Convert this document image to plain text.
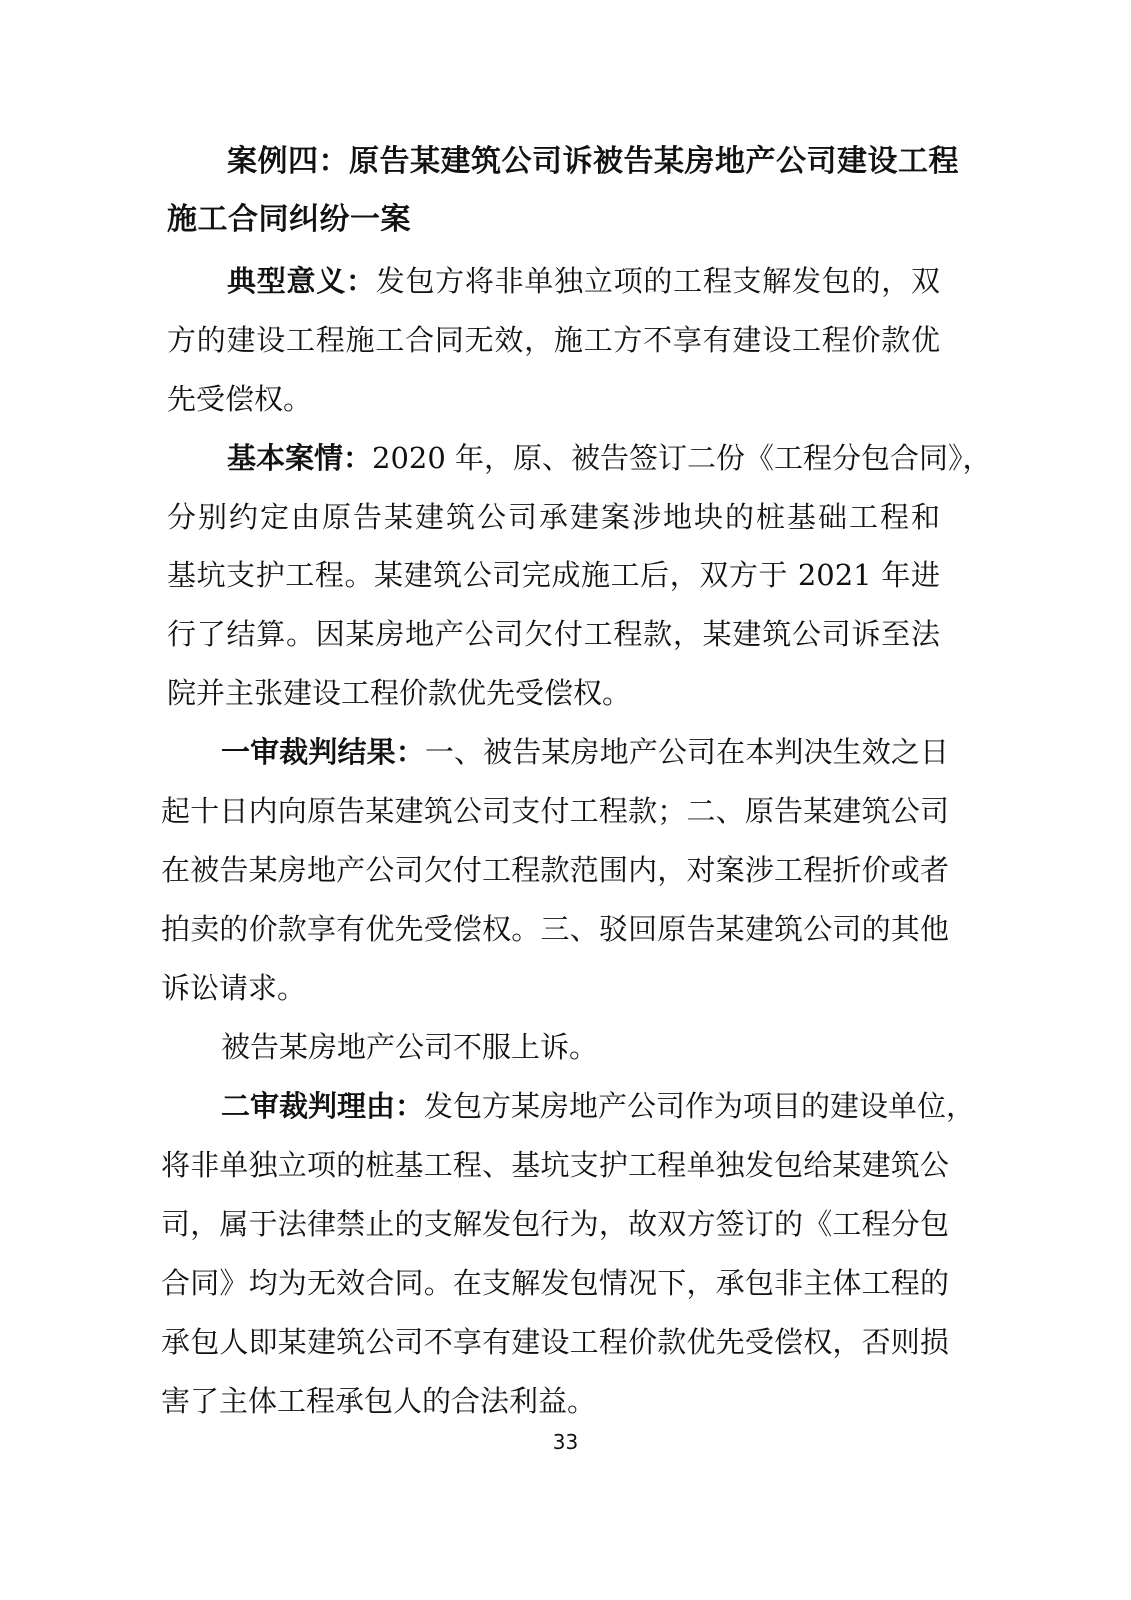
案例四：原告某建筑公司诉被告某房地产公司建设工程
施工合同纠纷一案
典型意义：发包方将非单独立项的工程支解发包的，双
方的建设工程施工合同无效，施工方不享有建设工程价款优
先受偿权。
基本案情：2020 年，原、被告签订二份《工程分包合同》，
分别约定由原告某建筑公司承建案涉地块的桩基础工程和
基坑支护工程。某建筑公司完成施工后，双方于 2021 年进
行了结算。因某房地产公司欠付工程款，某建筑公司诉至法
院并主张建设工程价款优先受偿权。
一审裁判结果：一、被告某房地产公司在本判决生效之日
起十日内向原告某建筑公司支付工程款；二、原告某建筑公司
在被告某房地产公司欠付工程款范围内，对案涉工程折价或者
拍卖的价款享有优先受偿权。三、驳回原告某建筑公司的其他
诉讼请求。
被告某房地产公司不服上诉。
二审裁判理由：发包方某房地产公司作为项目的建设单位，
将非单独立项的桩基工程、基坑支护工程单独发包给某建筑公
司，属于法律禁止的支解发包行为，故双方签订的《工程分包
合同》均为无效合同。在支解发包情况下，承包非主体工程的
承包人即某建筑公司不享有建设工程价款优先受偿权，否则损
害了主体工程承包人的合法利益。
33
